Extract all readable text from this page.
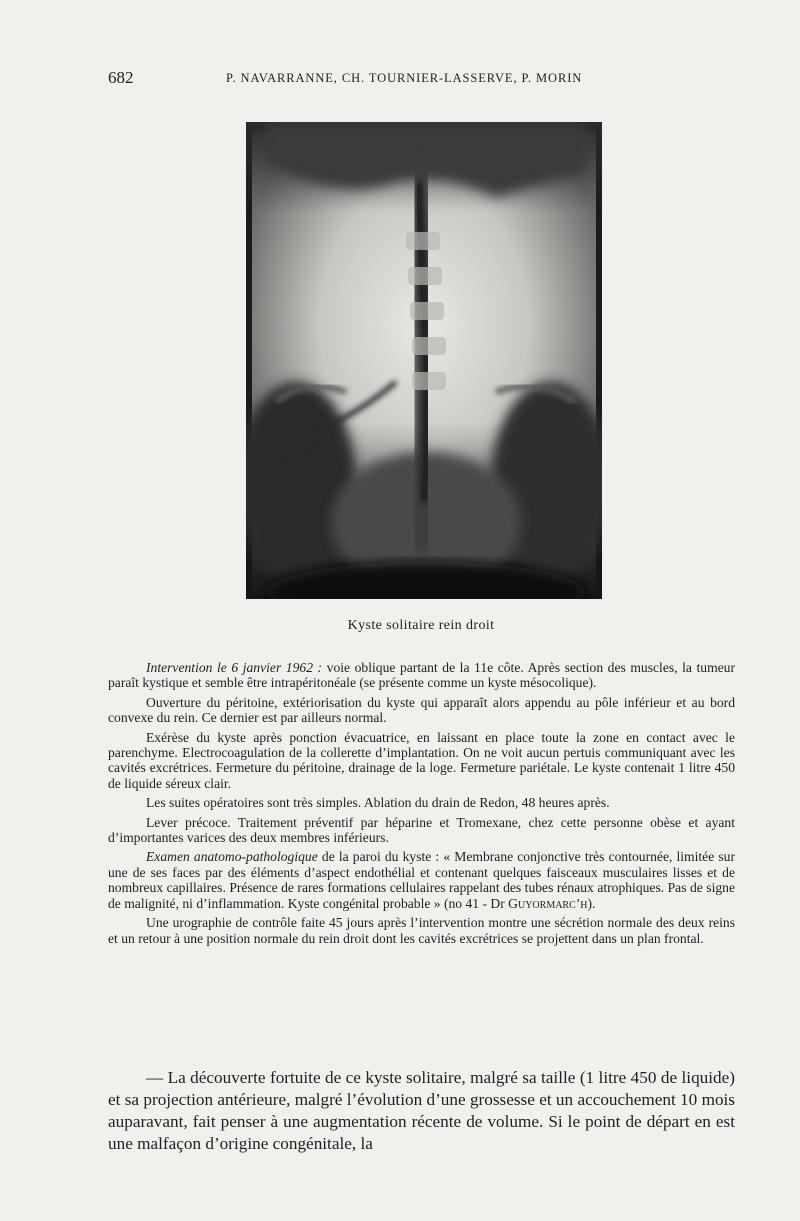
682	P. NAVARRANNE, CH. TOURNIER-LASSERVE, P. MORIN
Kyste solitaire rein droit

Intervention le 6 janvier 1962 : voie oblique partant de la 11e côte. Après section des muscles, la tumeur paraît kystique et semble être intrapéritonéale (se présente comme un kyste mésocolique).

Ouverture du péritoine, extériorisation du kyste qui apparaît alors appendu au pôle inférieur et au bord convexe du rein. Ce dernier est par ailleurs normal.

Exérèse du kyste après ponction évacuatrice, en laissant en place toute la zone en contact avec le parenchyme. Electrocoagulation de la collerette d’implantation. On ne voit aucun pertuis communiquant avec les cavités excrétrices. Fermeture du péritoine, drainage de la loge. Fermeture pariétale. Le kyste contenait 1 litre 450 de liquide séreux clair.

Les suites opératoires sont très simples. Ablation du drain de Redon, 48 heures après.

Lever précoce. Traitement préventif par héparine et Tromexane, chez cette personne obèse et ayant d’importantes varices des deux membres inférieurs.

Examen anatomo-pathologique de la paroi du kyste : « Membrane conjonctive très contournée, limitée sur une de ses faces par des éléments d’aspect endothélial et contenant quelques faisceaux musculaires lisses et de nombreux capillaires. Présence de rares formations cellulaires rappelant des tubes rénaux atrophiques. Pas de signe de malignité, ni d’inflammation. Kyste congénital probable » (no 41 - Dr Guyormarc’h).

Une urographie de contrôle faite 45 jours après l’intervention montre une sécrétion normale des deux reins et un retour à une position normale du rein droit dont les cavités excrétrices se projettent dans un plan frontal.

— La découverte fortuite de ce kyste solitaire, malgré sa taille (1 litre 450 de liquide) et sa projection antérieure, malgré l’évolution d’une grossesse et un accouchement 10 mois auparavant, fait penser à une augmentation récente de volume. Si le point de départ en est une malfaçon d’origine congénitale, la
